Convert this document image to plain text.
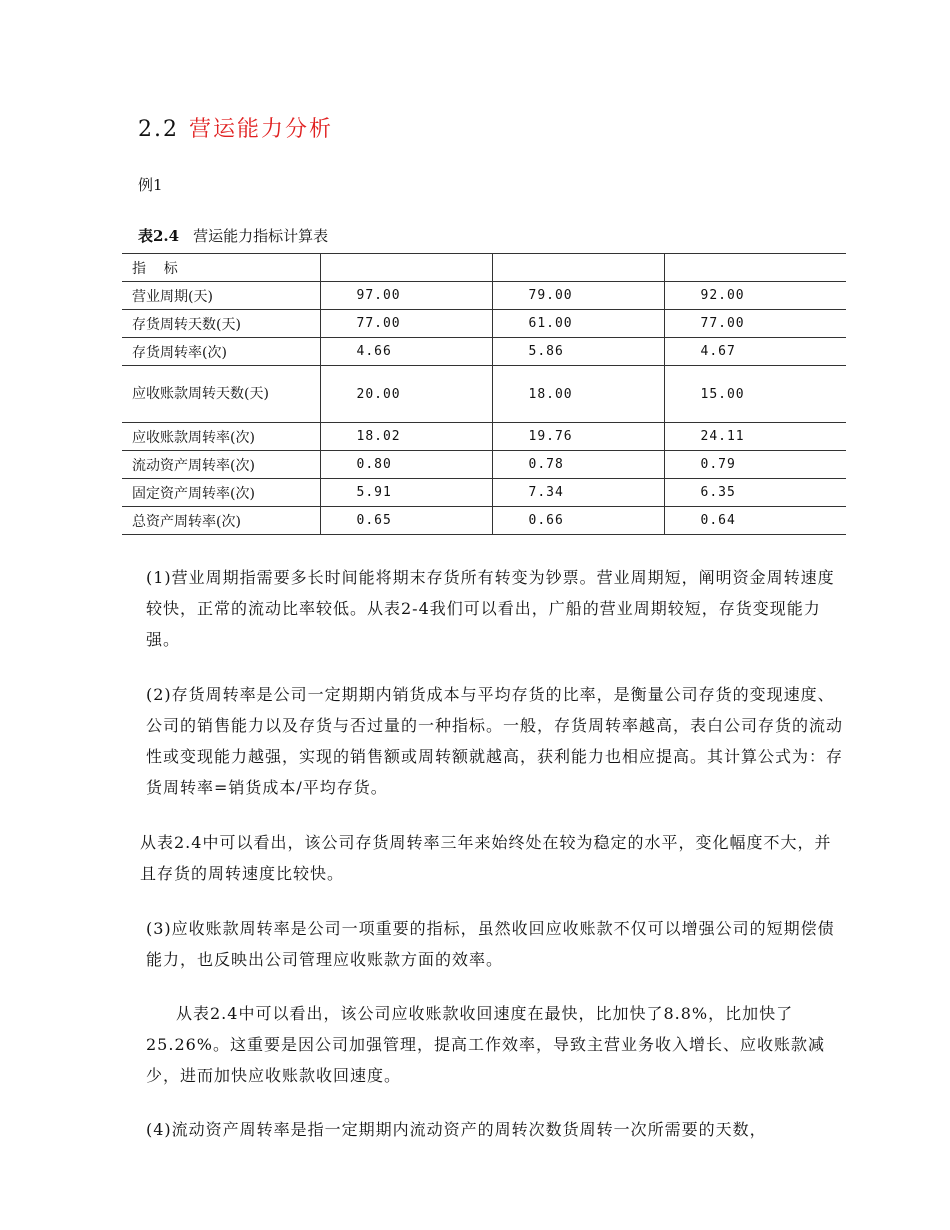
2.2 营运能力分析
例1
表2.4 营运能力指标计算表
指    标			
营业周期(天)	97.00	79.00	92.00
存货周转天数(天)	77.00	61.00	77.00
存货周转率(次)	4.66	5.86	4.67
应收账款周转天数(天)	20.00	18.00	15.00
应收账款周转率(次)	18.02	19.76	24.11
流动资产周转率(次)	0.80	0.78	0.79
固定资产周转率(次)	5.91	7.34	6.35
总资产周转率(次)	0.65	0.66	0.64

(1)营业周期指需要多长时间能将期末存货所有转变为钞票。营业周期短，阐明资金周转速度较快，正常的流动比率较低。从表2-4我们可以看出，广船的营业周期较短，存货变现能力强。

(2)存货周转率是公司一定期期内销货成本与平均存货的比率，是衡量公司存货的变现速度、公司的销售能力以及存货与否过量的一种指标。一般，存货周转率越高，表白公司存货的流动性或变现能力越强，实现的销售额或周转额就越高，获利能力也相应提高。其计算公式为：存货周转率=销货成本/平均存货。

从表2.4中可以看出，该公司存货周转率三年来始终处在较为稳定的水平，变化幅度不大，并且存货的周转速度比较快。

(3)应收账款周转率是公司一项重要的指标，虽然收回应收账款不仅可以增强公司的短期偿债能力，也反映出公司管理应收账款方面的效率。

从表2.4中可以看出，该公司应收账款收回速度在最快，比加快了8.8%，比加快了25.26%。这重要是因公司加强管理，提高工作效率，导致主营业务收入增长、应收账款减少，进而加快应收账款收回速度。

(4)流动资产周转率是指一定期期内流动资产的周转次数货周转一次所需要的天数，
